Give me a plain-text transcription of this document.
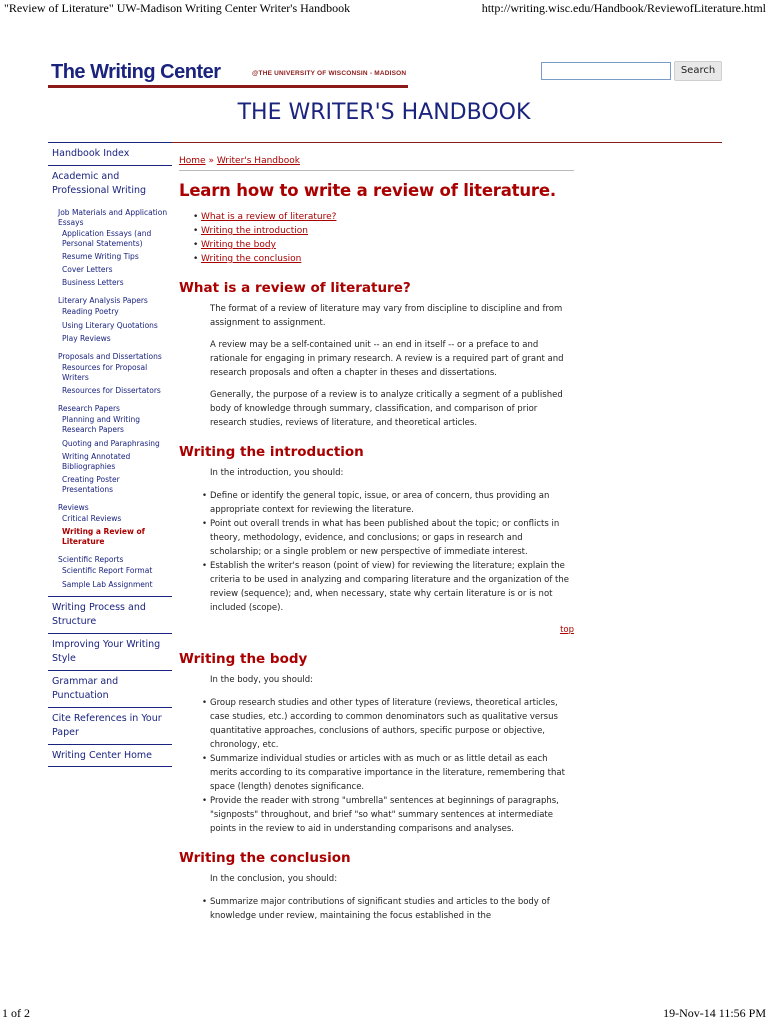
"Review of Literature" UW-Madison Writing Center Writer's Handbook	http://writing.wisc.edu/Handbook/ReviewofLiterature.html
The Writing Center	@THE UNIVERSITY OF WISCONSIN - MADISON	Search
THE WRITER'S HANDBOOK
Handbook Index
Academic and Professional Writing
Job Materials and Application Essays
Application Essays (and Personal Statements)
Resume Writing Tips
Cover Letters
Business Letters
Literary Analysis Papers
Reading Poetry
Using Literary Quotations
Play Reviews
Proposals and Dissertations
Resources for Proposal Writers
Resources for Dissertators
Research Papers
Planning and Writing Research Papers
Quoting and Paraphrasing
Writing Annotated Bibliographies
Creating Poster Presentations
Reviews
Critical Reviews
Writing a Review of Literature
Scientific Reports
Scientific Report Format
Sample Lab Assignment
Writing Process and Structure
Improving Your Writing Style
Grammar and Punctuation
Cite References in Your Paper
Writing Center Home
Home » Writer's Handbook
Learn how to write a review of literature.
• What is a review of literature?
• Writing the introduction
• Writing the body
• Writing the conclusion
What is a review of literature?

The format of a review of literature may vary from discipline to discipline and from assignment to assignment.

A review may be a self-contained unit -- an end in itself -- or a preface to and rationale for engaging in primary research. A review is a required part of grant and research proposals and often a chapter in theses and dissertations.

Generally, the purpose of a review is to analyze critically a segment of a published body of knowledge through summary, classification, and comparison of prior research studies, reviews of literature, and theoretical articles.

Writing the introduction

In the introduction, you should:

• Define or identify the general topic, issue, or area of concern, thus providing an appropriate context for reviewing the literature.
• Point out overall trends in what has been published about the topic; or conflicts in theory, methodology, evidence, and conclusions; or gaps in research and scholarship; or a single problem or new perspective of immediate interest.
• Establish the writer's reason (point of view) for reviewing the literature; explain the criteria to be used in analyzing and comparing literature and the organization of the review (sequence); and, when necessary, state why certain literature is or is not included (scope).
top
Writing the body

In the body, you should:

• Group research studies and other types of literature (reviews, theoretical articles, case studies, etc.) according to common denominators such as qualitative versus quantitative approaches, conclusions of authors, specific purpose or objective, chronology, etc.
• Summarize individual studies or articles with as much or as little detail as each merits according to its comparative importance in the literature, remembering that space (length) denotes significance.
• Provide the reader with strong "umbrella" sentences at beginnings of paragraphs, "signposts" throughout, and brief "so what" summary sentences at intermediate points in the review to aid in understanding comparisons and analyses.
Writing the conclusion

In the conclusion, you should:

• Summarize major contributions of significant studies and articles to the body of knowledge under review, maintaining the focus established in the
1 of 2	19-Nov-14 11:56 PM
